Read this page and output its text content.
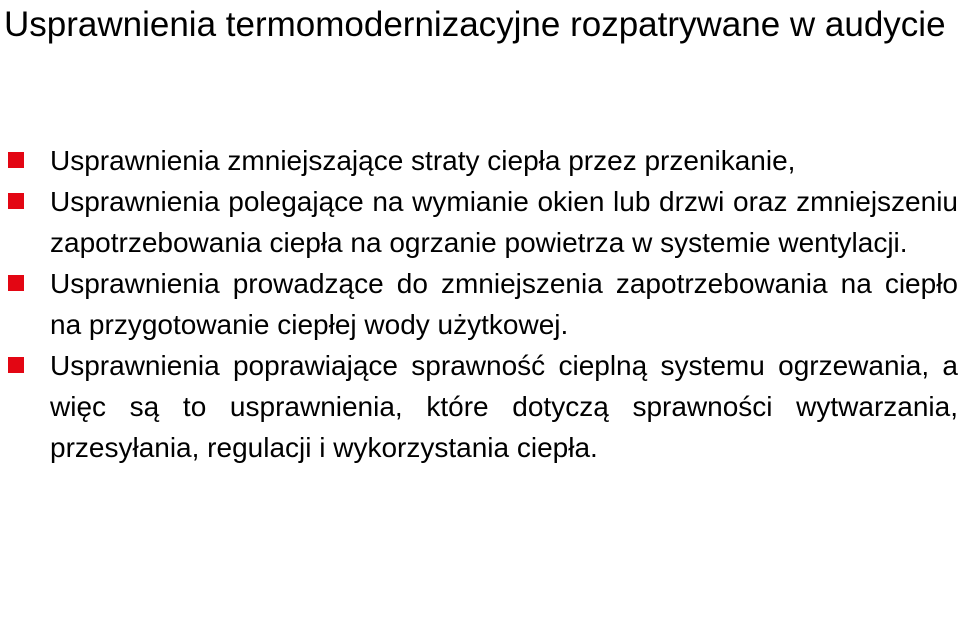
Usprawnienia termomodernizacyjne rozpatrywane w audycie
Usprawnienia zmniejszające straty ciepła przez przenikanie,
Usprawnienia polegające na wymianie okien lub drzwi oraz zmniejszeniu zapotrzebowania ciepła na ogrzanie powietrza w systemie wentylacji.
Usprawnienia prowadzące do zmniejszenia zapotrzebowania na ciepło na przygotowanie ciepłej wody użytkowej.
Usprawnienia poprawiające sprawność cieplną systemu ogrzewania, a więc są to usprawnienia, które dotyczą sprawności wytwarzania, przesyłania, regulacji i wykorzystania ciepła.
